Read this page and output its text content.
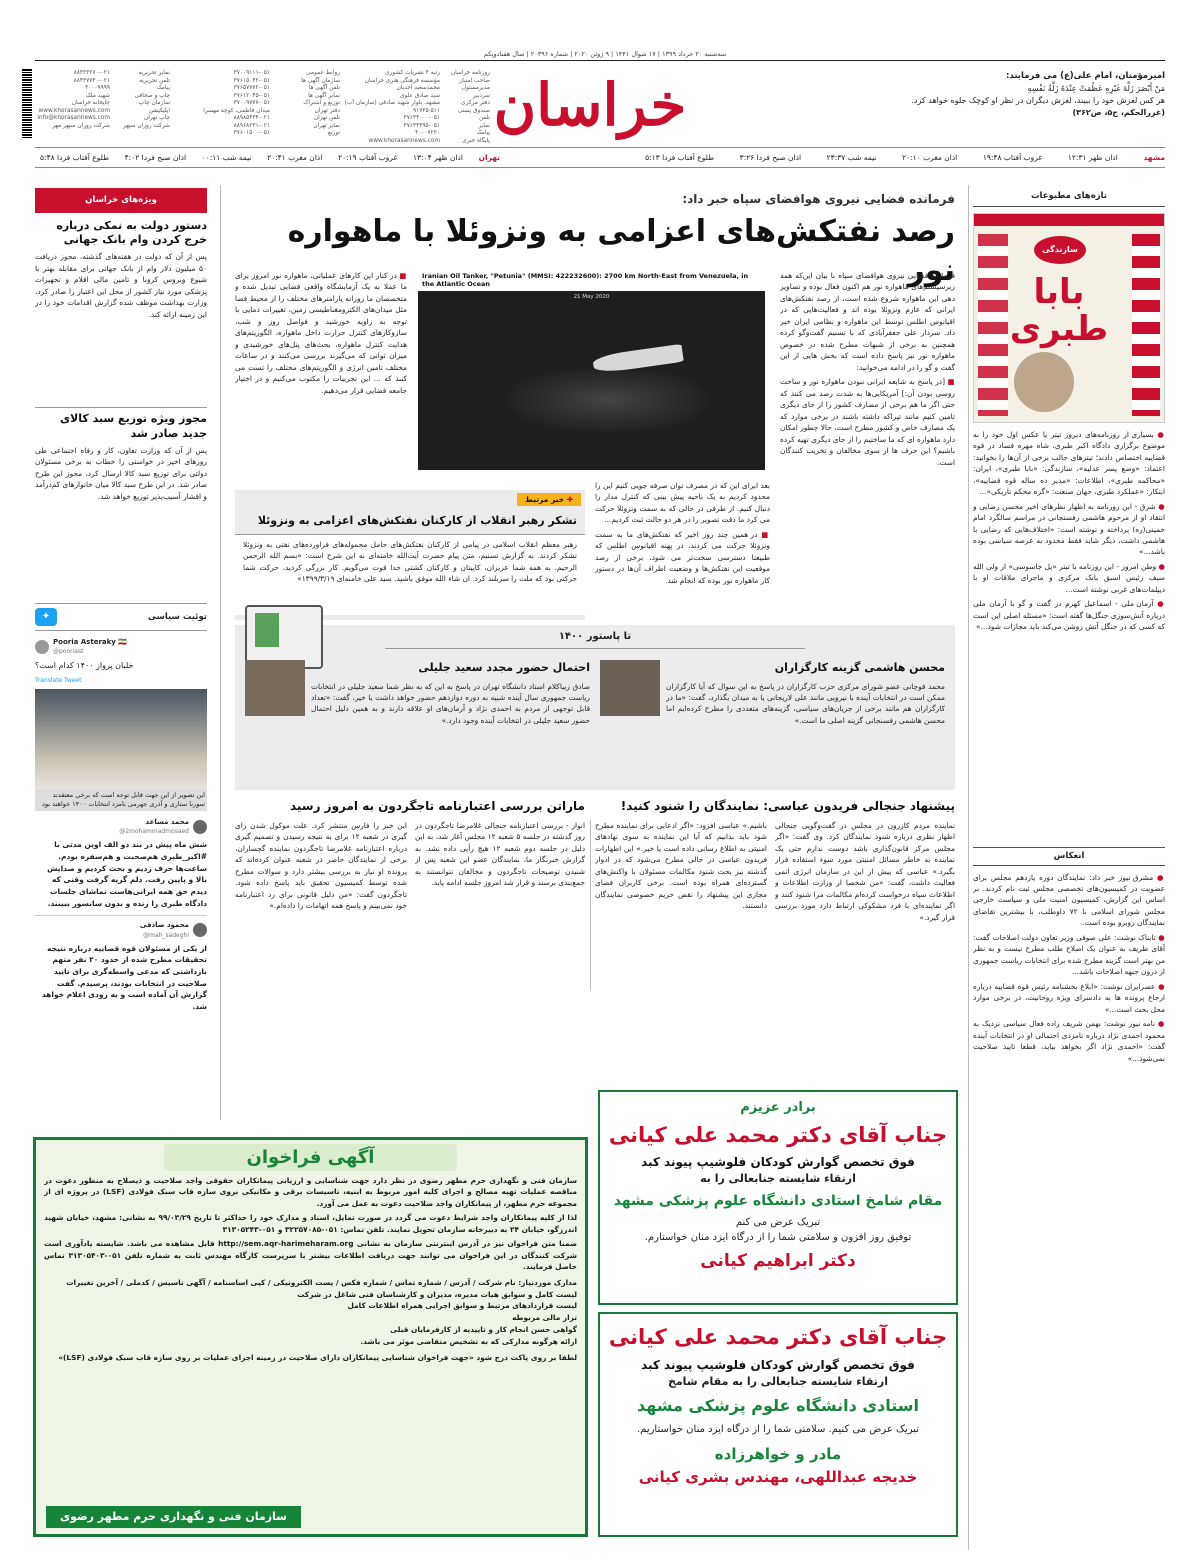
سه‌شنبه ۲۰ خرداد ۱۳۹۹ | ۱۷ شوال ۱۴۴۱ | ۹ ژوئن ۲۰۲۰ | شماره ۲۰۳۹۶ | سال هفتادوپکم
خراسان	امیرمؤمنان، امام علی(ع) می فرمایند:
مَنْ أَبْصَرَ زَلَّةَ غَيْرِهِ عَظُمَتْ عِنْدَهُ زَلَّةُ نَفْسِهِ
هر کس لغزش خود را ببیند، لغزش دیگران در نظر او کوچک جلوه خواهد کرد.
(غررالحکم، ج۵، ص۳۶۲)
روزنامه خراسان
صاحب امتیاز
مدیرمسئول
سردبیر
دفتر مرکزی
صندوق پستی
تلفن
نمابر
پیامک
پایگاه خبری
رتبه ۴ نشریات کشوری
مؤسسه فرهنگی هنری خراسان
محمدسعید احدیان
سید صادق علوی
مشهد، بلوار شهید صادقی (سازمان آب)
۹۱۷۳۵-۵۱۱
۳۷۶۳۴۰۰۰-۰۵۱
۳۷۶۳۴۴۹۵-۰۵۱
۳۰۰۰۷۲۲۰
www.khorasannews.com
روابط عمومی
سازمان آگهی ها
تلفن آگهی ها
نمابر آگهی ها
توزیع و اشتراک
دفتر تهران
تلفن تهران
نمابر تهران
توزیع
۳۷۰۰۹۱۱۱-۰۵۱
۳۷۶۱۵۰۴۲-۰۵۱
۳۷۶۵۷۷۷۲-۰۵۱
۳۷۶۱۲۰۴۵-۰۵۱
۳۷۰۰۹۷۷۷-۰۵۱
میدان فاطمی، کوچه مهسرا
۸۸۹۸۵۴۳۴-۰۲۱
۸۸۹۶۸۲۳۱-۰۲۱
۳۷۶۰۱۵۰۰-۰۵۱
نمابر تحریریه
تلفن تحریریه
پیامک
چاپ و صحافی
سازمان چاپ
اپلیکیشن
چاپ تهران
شرکت روزان سپهر
۸۸۴۳۳۲۷۰-۰۲۱
۸۸۴۳۷۷۳۰-۰۲۱
۳۰۰۰۹۹۹۹
شهید ملک
چاپخانه خراسان
www.khorasannews.com
info@khorasannews.com
شرکت روزان سپهر مهر
مشهد
اذان ظهر ۱۲:۳۱
غروب آفتاب ۱۹:۴۸
اذان مغرب ۲۰:۱۰
نیمه شب ۲۳:۳۷
اذان صبح فردا ۳:۲۶
طلوع آفتاب فردا ۵:۱۳
تهران
اذان ظهر ۱۳:۰۴
غروب آفتاب ۲۰:۱۹
اذان مغرب ۲۰:۴۱
نیمه شب ۰۰:۱۱
اذان صبح فردا ۴:۰۲
طلوع آفتاب فردا ۵:۴۸
تازه‌های مطبوعات
سازندگی
بابا طبری

● بسیاری از روزنامه‌های دیروز تیتر یا عکس اول خود را به موضوع برگزاری دادگاه اکبر طبری، شاه مهره فساد در قوه قضاییه اختصاص دادند؛ تیترهای جالب برخی از آن‌ها را بخوانید: اعتماد: «وضع پسر عدلیه»، سازندگی: «بابا طبری»، ایران: «محاکمه طبری»، اطلاعات: «مدیر ده ساله قوه قضاییه»، ابتکار: «عملکرد طبری، جهان صنعت: «گره محکم تاریکی»...

● شرق - این روزنامه به اظهار نظرهای اخیر محسن رضایی و انتقاد او از مرحوم هاشمی رفسنجانی در مراسم سالگرد امام خمینی(ره) پرداخته و نوشته است: «اختلاف‌هایی که رضایی با هاشمی داشت، دیگر شاید فقط محدود به عرصه سیاسی بوده باشد...»

● وطن امروز - این روزنامه با تیتر «پل جاسوسی» از ولی الله سیف رئیس اسبق بانک مرکزی و ماجرای ملاقات او با دیپلمات‌های غربی نوشته است...

● آرمان ملی - اسماعیل کهرم در گفت و گو با آرمان ملی درباره آتش‌سوزی جنگل‌ها گفته است: «مسئله اصلی این است که کسی که در جنگل آتش روشن می‌کند باید مجازات شود...»

انعکاس

● مشرق نیوز خبر داد: نمایندگان دوره یازدهم مجلس برای عضویت در کمیسیون‌های تخصصی مجلس ثبت نام کردند. بر اساس این گزارش، کمیسیون امنیت ملی و سیاست خارجی مجلس شورای اسلامی با ۷۲ داوطلب، با بیشترین تقاضای نمایندگان روبرو بوده است.

● تابناک نوشت: علی صوفی وزیر تعاون دولت اصلاحات گفت: آقای ظریف به عنوان یک اصلاح طلب مطرح نیست و به نظر من بهتر است گزینه مطرح شده برای انتخابات ریاست جمهوری از درون جبهه اصلاحات باشد...

● عصرایران نوشت: «ابلاغ بخشنامه رئیس قوه قضاییه درباره ارجاع پرونده ها به دادسرای ویژه روحانیت، در برخی موارد محل بحث است...»

● نامه نیوز نوشت: بهمن شریف زاده فعال سیاسی نزدیک به محمود احمدی نژاد درباره نامزدی احتمالی او در انتخابات آینده گفت: «احمدی نژاد اگر بخواهد بیاید، قطعا تایید صلاحیت نمی‌شود...»

ویژه‌های خراسان
دستور دولت به نمکی درباره خرج کردن وام بانک جهانی
پس از آن که دولت در هفته‌های گذشته، مجوز دریافت ۵۰ میلیون دلار وام از بانک جهانی برای مقابله بهتر با شیوع ویروس کرونا و تامین مالی اقلام و تجهیزات پزشکی مورد نیاز کشور از محل این اعتبار را صادر کرد، وزارت بهداشت موظف شده گزارش اقدامات خود را در این زمینه ارائه کند.
مجوز ویژه توزیع سبد کالای جدید صادر شد
پس از آن که وزارت تعاون، کار و رفاه اجتماعی طی روزهای اخیر در خواستی را خطاب به برخی مسئولان دولتی برای توزیع سبد کالا ارسال کرد، مجوز این طرح صادر شد. در این طرح سبد کالا میان خانوارهای کم‌درآمد و اقشار آسیب‌پذیر توزیع خواهد شد.
توئیت سیاسی
✦
Pooria Asteraky 🇮🇷
@pooriast
خلبان پرواز ۱۴۰۰ کدام است؟
Translate Tweet
این تصویر از این جهت قابل توجه است که برخی معتقدند سورنا ستاری و آذری جهرمی نامزد انتخابات ۱۴۰۰ خواهند بود
محمد مساعد
@2mohammadmosaed
شش ماه پیش در بند دو الف اوین مدتی با #اکبر_طبری هم‌صحبت و هم‌سفره بودم. ساعت‌ها حرف زدیم و بحث کردیم و صدایش بالا و پایین رفت. دلم گریه گرفت وقتی که دیدم حق همه ایرانی‌هاست تماشای جلسات دادگاه طبری را زنده و بدون سانسور ببینند.
محمود صادقی
@mah_sadeghi
از یکی از مسئولان قوه قضاییه درباره نتیجه تحقیقات مطرح شده از حدود ۲۰ نفر متهم بازداشتی که مدعی واسطه‌گری برای تایید صلاحیت در انتخابات بودند، پرسیدم. گفت گزارش آن آماده است و به زودی اعلام خواهد شد.
فرمانده فضایی نیروی هوافضای سپاه خبر داد:
رصد نفتکش‌های اعزامی به ونزوئلا با ماهواره نور
Iranian Oil Tanker, "Petunia" (MMSI: 422232600): 2700 km North-East from Venezuela, in the Atlantic Ocean
21 May 2020

فرمانده فضایی نیروی هوافضای سپاه با بیان این‌که همه زیرسیستم‌های ماهواره نور هم اکنون فعال بوده و تصاویر دهی این ماهواره شروع شده است، از رصد نفتکش‌های ایرانی که عازم ونزوئلا بوده اند و فعالیت‌هایی که در اقیانوس اطلس توسط این ماهواره و نظامی ایران خبر داد. سردار علی جعفرآبادی که با تسنیم گفت‌وگو کرده همچنین به برخی از شبهات مطرح شده در خصوص ماهواره نور نیز پاسخ داده است که بخش هایی از این گفت و گو را در ادامه می‌خوانید:

■ [در پاسخ به شایعه ایرانی نبودن ماهواره نور و ساخت روسی بودن آن:] آمریکایی‌ها به شدت رصد می کنند که حتی اگر ما هم برخی از مصارف کشور را از جای دیگری تامین کنیم مانند تیراکه داشته باشند در برخی موارد که یک مصارف خاص و کشور مطرح است، حالا چطور امکان دارد ماهواره ای که ما ساختیم را از جای دیگری تهیه کرده باشیم؟ این حرف ها از سوی مخالفان و تخریب کنندگان است.

بعد ابرای این که در مصرف توان صرفه جویی کنیم این را محدود کردیم به یک ناحیه پیش بینی که کنترل مدار را دنبال کنیم. از طرفی در حالی که به سمت ونزوئلا حرکت می کرد ما دقت تصویر را در هر دو حالت ثبت کردیم...

■ در همین چند روز اخیر که نفتکش‌های ما به سمت ونزوئلا حرکت می کردند، در پهنه اقیانوس اطلس که طبیعتا دسترسی سخت‌تر می شود، برخی از رصد موقعیت این نفتکش‌ها و وضعیت اطراف آن‌ها در دستور کار ماهواره نور بوده که انجام شد.

■ در کنار این کارهای عملیاتی، ماهواره نور امروز برای ما عملا به یک آزمایشگاه واقعی فضایی تبدیل شده و متخصصان ما روزانه پارامترهای مختلف را از محیط فضا مثل میدان‌های الکترومغناطیسی زمین، تغییرات دمایی با توجه به زاویه خورشید و فواصل روز و شب، سازوکارهای کنترل حرارت داخل ماهواره، الگوریتم‌های هدایت کنترل ماهواره، بحث‌های پنل‌های خورشیدی و میزان توانی که می‌گیرند بررسی می‌کنند و در ساعات مختلف تامین انرژی و الگوریتم‌های مختلف را تست می کنند که ... این تجربیات را مکتوب می‌کنیم و در اختیار جامعه فضایی قرار می‌دهیم.

✚ خبر مرتبط
تشکر رهبر انقلاب از کارکنان نفتکش‌های اعزامی به ونزوئلا
رهبر معظم انقلاب اسلامی در پیامی از کارکنان نفتکش‌های حامل محموله‌های فراورده‌های نفتی به ونزوئلا تشکر کردند. به گزارش تسنیم، متن پیام حضرت آیت‌الله خامنه‌ای به این شرح است: «بسم الله الرحمن الرحیم. به همه شما عزیزان، کاپیتان و کارکنان کشتی خدا قوت می‌گویم. کار بزرگی کردید، حرکت شما حرکتی بود که ملت را سربلند کرد. ان شاء الله موفق باشید. سید علی خامنه‌ای ۱۳۹۹/۳/۱۹»
تا پاستور ۱۴۰۰
محسن هاشمی گزینه کارگزاران
محمد قوچانی عضو شورای مرکزی حزب کارگزاران در پاسخ به این سوال که آیا کارگزاران ممکن است در انتخابات آینده با نیرویی مانند علی لاریجانی یا به میدان بگذارد، گفت: «ما در کارگزاران هم مانند برخی از جریان‌های سیاسی، گزینه‌های متعددی را مطرح کرده‌ایم اما محسن هاشمی رفسنجانی گزینه اصلی ما است.»
احتمال حضور مجدد سعید جلیلی
صادق زیباکلام استاد دانشگاه تهران در پاسخ به این که به نظر شما سعید جلیلی در انتخابات ریاست جمهوری سال آینده شبیه به دوره دوازدهم حضور خواهد داشت یا خیر، گفت: «تعداد قابل توجهی از مردم به احمدی نژاد و آرمان‌های او علاقه دارند و به همین دلیل احتمال حضور سعید جلیلی در انتخابات آینده وجود دارد.»
پیشنهاد جنجالی فریدون عباسی: نمایندگان را شنود کنید!
نماینده مردم کازرون در مجلس در گفت‌و‌گویی جنجالی اظهار نظری درباره شنود نمایندگان کرد. وی گفت: «اگر مجلس مرکز قانون‌گذاری باشد دوست ندارم حتی یک نماینده به خاطر مسائل امنیتی مورد سوء استفاده قرار بگیرد.» عباسی که پیش از این در سازمان انرژی اتمی فعالیت داشت، گفت: «من شخصا از وزارت اطلاعات و اطلاعات سپاه درخواست کرده‌ام مکالمات مرا شنود کنند و اگر نماینده‌ای با فرد مشکوکی ارتباط دارد مورد بررسی قرار گیرد.»
باشیم.» عباسی افزود: «اگر ادعایی برای نماینده مطرح شود باید بدانیم که آیا این نماینده به سوی نهادهای امنیتی به اطلاع رسانی داده است یا خیر.» این اظهارات فریدون عباسی در حالی مطرح می‌شود که در ادوار گذشته نیز بحث شنود مکالمات مسئولان با واکنش‌های گسترده‌ای همراه بوده است. برخی کاربران فضای مجازی این پیشنهاد را نقض حریم خصوصی نمایندگان دانستند.
ماراتن بررسی اعتبارنامه تاجگردون به امروز رسید
انوار - بررسی اعتبارنامه جنجالی غلامرضا تاجگردون در روز گذشته در جلسه ۵ شعبه ۱۲ مجلس آغاز شد، به این دلیل در جلسه دوم شعبه ۱۲ هیچ رأیی داده نشد. به گزارش خبرنگار ما، نمایندگان عضو این شعبه پس از شنیدن توضیحات تاجگردون و مخالفان نتوانستند به جمع‌بندی برسند و قرار شد امروز جلسه ادامه یابد.
این خبر را فارس منتشر کرد. علت موکول شدن رای گیری در شعبه ۱۲ برای به نتیجه رسیدن و تصمیم گیری درباره اعتبارنامه غلامرضا تاجگردون نماینده گچساران، برخی از نمایندگان حاضر در شعبه عنوان کرده‌اند که پرونده او نیاز به بررسی بیشتر دارد و سوالات مطرح شده توسط کمیسیون تحقیق باید پاسخ داده شود. تاجگردون گفت: «من دلیل قانونی برای رد اعتبارنامه خود نمی‌بینم و پاسخ همه اتهامات را داده‌ام.»
برادر عزیزم
جناب آقای دکتر محمد علی کیانی
فوق تخصص گوارش کودکان فلوشیپ پیوند کبد
ارتقاء شایسته جنابعالی را به
مقام شامخ استادی دانشگاه علوم پزشکی مشهد
تبریک عرض می کنم
توفیق روز افزون و سلامتی شما را از درگاه ایزد منان خواستارم.
دکتر ابراهیم کیانی
جناب آقای دکتر محمد علی کیانی
فوق تخصص گوارش کودکان فلوشیپ پیوند کبد
ارتقاء شایسته جنابعالی را به مقام شامخ
استادی دانشگاه علوم پزشکی مشهد
تبریک عرض می کنیم. سلامتی شما را از درگاه ایزد منان خواستاریم.
مادر و خواهرزاده
خدیجه عبداللهی، مهندس بشری کیانی
آگهی فراخوان
سازمان فنی و نگهداری حرم مطهر رضوی در نظر دارد جهت شناسایی و ارزیابی پیمانکاران حقوقی واجد صلاحیت و ذیصلاح به منظور دعوت در مناقصه عملیات تهیه مصالح و اجرای کلیه امور مربوط به ابنیه، تاسیسات برقی و مکانیکی بروی سازه قاب سبک فولادی (LSF) در پروژه ای از مجموعه حرم مطهر، از پیمانکاران واجد صلاحیت دعوت به عمل می آورد.
لذا از کلیه پیمانکاران واجد شرایط دعوت می گردد در صورت تمایل، اسناد و مدارک خود را حداکثر تا تاریخ ۹۹/۰۳/۲۹ به نشانی: مشهد، خیابان شهید اندرزگو، خیابان ۲۴ به دبیرخانه سازمان تحویل نمایند. تلفن تماس: ۰۵۱-۳۲۲۵۷۰۸۵ و ۰۵۱-۳۱۳۰۵۲۴۳
ضمنا متن فراخوان نیز در آدرس اینترنتی سازمان به نشانی http://sem.aqr-harimeharam.org قابل مشاهده می باشد. شایسته یادآوری است شرکت کنندگان در این فراخوان می توانند جهت دریافت اطلاعات بیشتر با سرپرست کارگاه مهندس ثابت به شماره تلفن ۰۵۱-۳۱۳۰۵۴۰۳ تماس حاصل فرمایند.
مدارک موردنیاز: نام شرکت / آدرس / شماره تماس / شماره فکس / پست الکترونیکی / کپی اساسنامه / آگهی تاسیس / کدملی / آخرین تغییرات
لیست کامل و سوابق هیات مدیره، مدیران و کارشناسان فنی شاغل در شرکت
لیست قراردادهای مرتبط و سوابق اجرایی همراه اطلاعات کامل
تراز مالی مربوطه
گواهی حسن انجام کار و تاییدیه از کارفرمایان قبلی
ارائه هرگونه مدارکی که به تشخیص متقاضی موثر می باشد.
لطفا بر روی پاکت درج شود «جهت فراخوان شناسایی پیمانکاران دارای صلاحیت در زمینه اجرای عملیات بر روی سازه قاب سبک فولادی (LSF)»
سازمان فنی و نگهداری حرم مطهر رضوی
